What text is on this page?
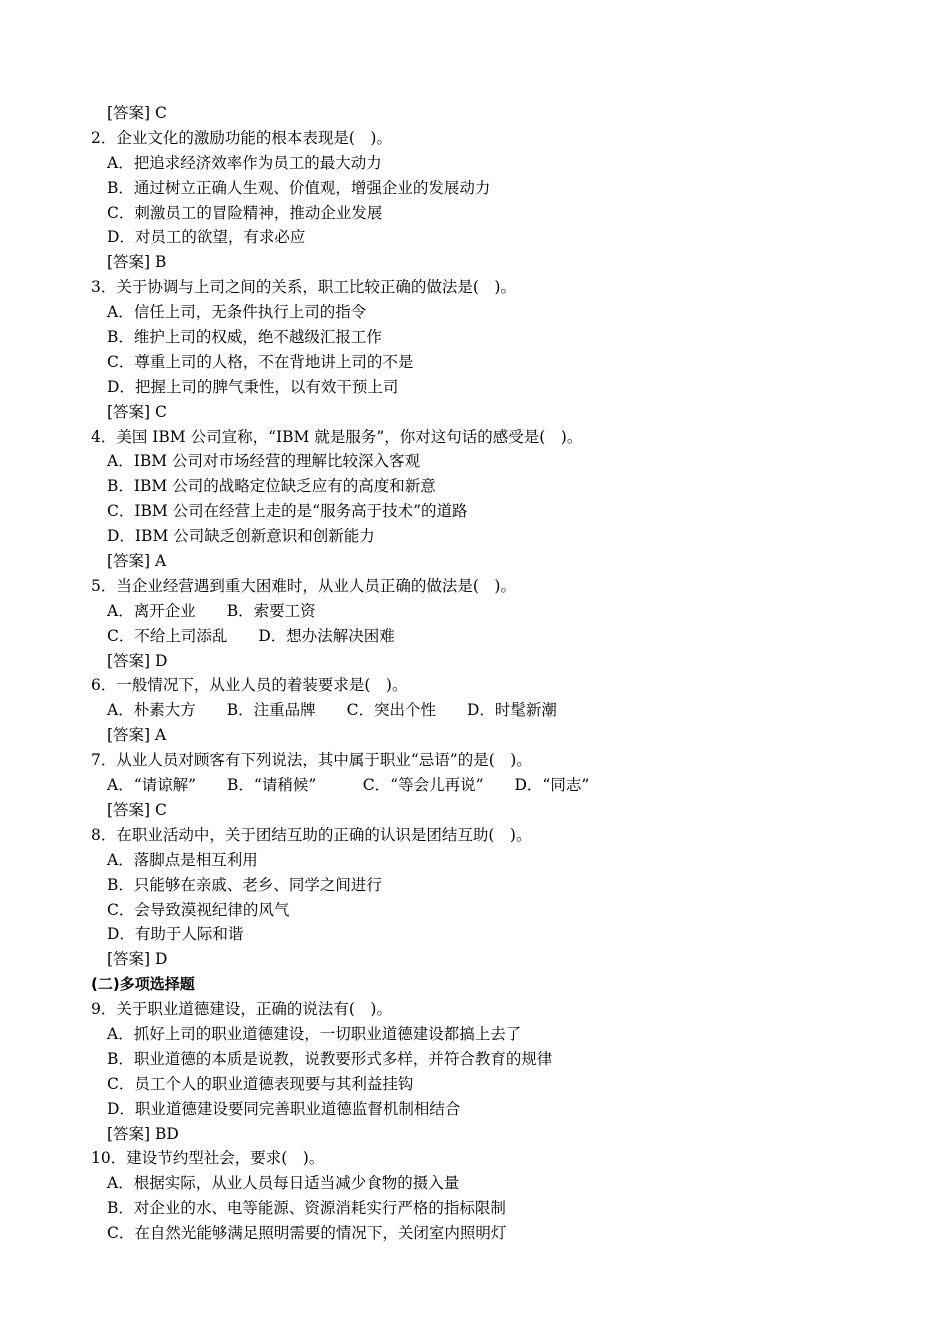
[答案] C
2．企业文化的激励功能的根本表现是(　)。
A．把追求经济效率作为员工的最大动力
B．通过树立正确人生观、价值观，增强企业的发展动力
C．刺激员工的冒险精神，推动企业发展
D．对员工的欲望，有求必应
[答案] B
3．关于协调与上司之间的关系，职工比较正确的做法是(　)。
A．信任上司，无条件执行上司的指令
B．维护上司的权威，绝不越级汇报工作
C．尊重上司的人格，不在背地讲上司的不是
D．把握上司的脾气秉性，以有效干预上司
[答案] C
4．美国 IBM 公司宣称，“IBM 就是服务”，你对这句话的感受是(　)。
A．IBM 公司对市场经营的理解比较深入客观
B．IBM 公司的战略定位缺乏应有的高度和新意
C．IBM 公司在经营上走的是“服务高于技术”的道路
D．IBM 公司缺乏创新意识和创新能力
[答案] A
5．当企业经营遇到重大困难时，从业人员正确的做法是(　)。
A．离开企业　　B．索要工资
C．不给上司添乱　　D．想办法解决困难
[答案] D
6．一般情况下，从业人员的着装要求是(　)。
A．朴素大方　　B．注重品牌　　C．突出个性　　D．时髦新潮
[答案] A
7．从业人员对顾客有下列说法，其中属于职业“忌语”的是(　)。
A．“请谅解”　　B．“请稍候”　　　C．“等会儿再说”　　D．“同志”
[答案] C
8．在职业活动中，关于团结互助的正确的认识是团结互助(　)。
A．落脚点是相互利用
B．只能够在亲戚、老乡、同学之间进行
C．会导致漠视纪律的风气
D．有助于人际和谐
[答案] D
(二)多项选择题
9．关于职业道德建设，正确的说法有(　)。
A．抓好上司的职业道德建设，一切职业道德建设都搞上去了
B．职业道德的本质是说教，说教要形式多样，并符合教育的规律
C．员工个人的职业道德表现要与其利益挂钩
D．职业道德建设要同完善职业道德监督机制相结合
[答案] BD
10．建设节约型社会，要求(　)。
A．根据实际，从业人员每日适当减少食物的摄入量
B．对企业的水、电等能源、资源消耗实行严格的指标限制
C．在自然光能够满足照明需要的情况下，关闭室内照明灯
